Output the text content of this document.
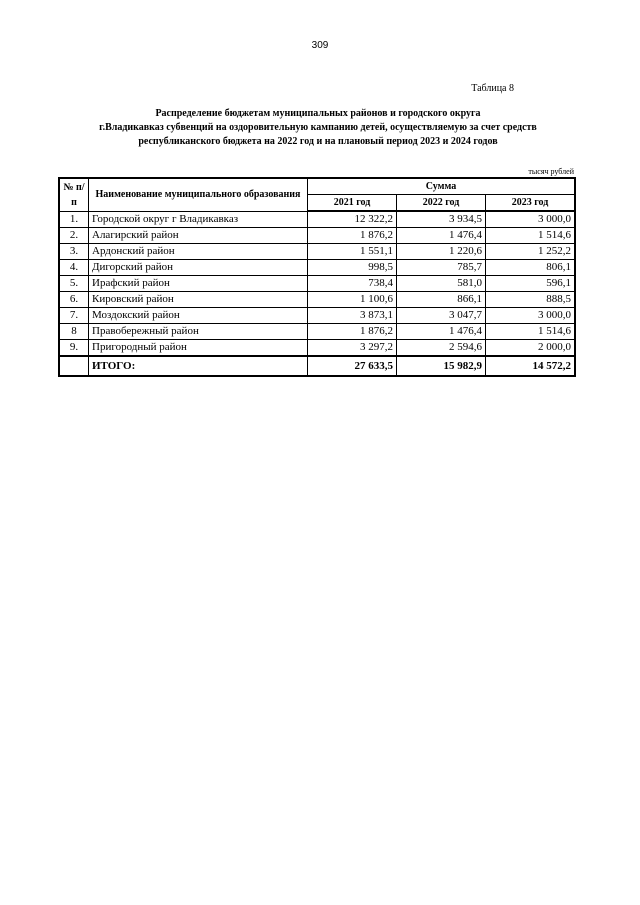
309
Таблица 8
Распределение бюджетам муниципальных районов и городского округа
г.Владикавказ субвенций на оздоровительную кампанию детей, осуществляемую за счет средств
республиканского бюджета на 2022 год и на плановый период 2023 и 2024 годов
тысяч рублей
№ п/п	Наименование муниципального образования	Сумма		
		2021 год	2022 год	2023 год
1.	Городской округ г Владикавказ	12 322,2	3 934,5	3 000,0
2.	Алагирский район	1 876,2	1 476,4	1 514,6
3.	Ардонский район	1 551,1	1 220,6	1 252,2
4.	Дигорский район	998,5	785,7	806,1
5.	Ирафский район	738,4	581,0	596,1
6.	Кировский район	1 100,6	866,1	888,5
7.	Моздокский район	3 873,1	3 047,7	3 000,0
8	Правобережный район	1 876,2	1 476,4	1 514,6
9.	Пригородный район	3 297,2	2 594,6	2 000,0
	ИТОГО:	27 633,5	15 982,9	14 572,2
